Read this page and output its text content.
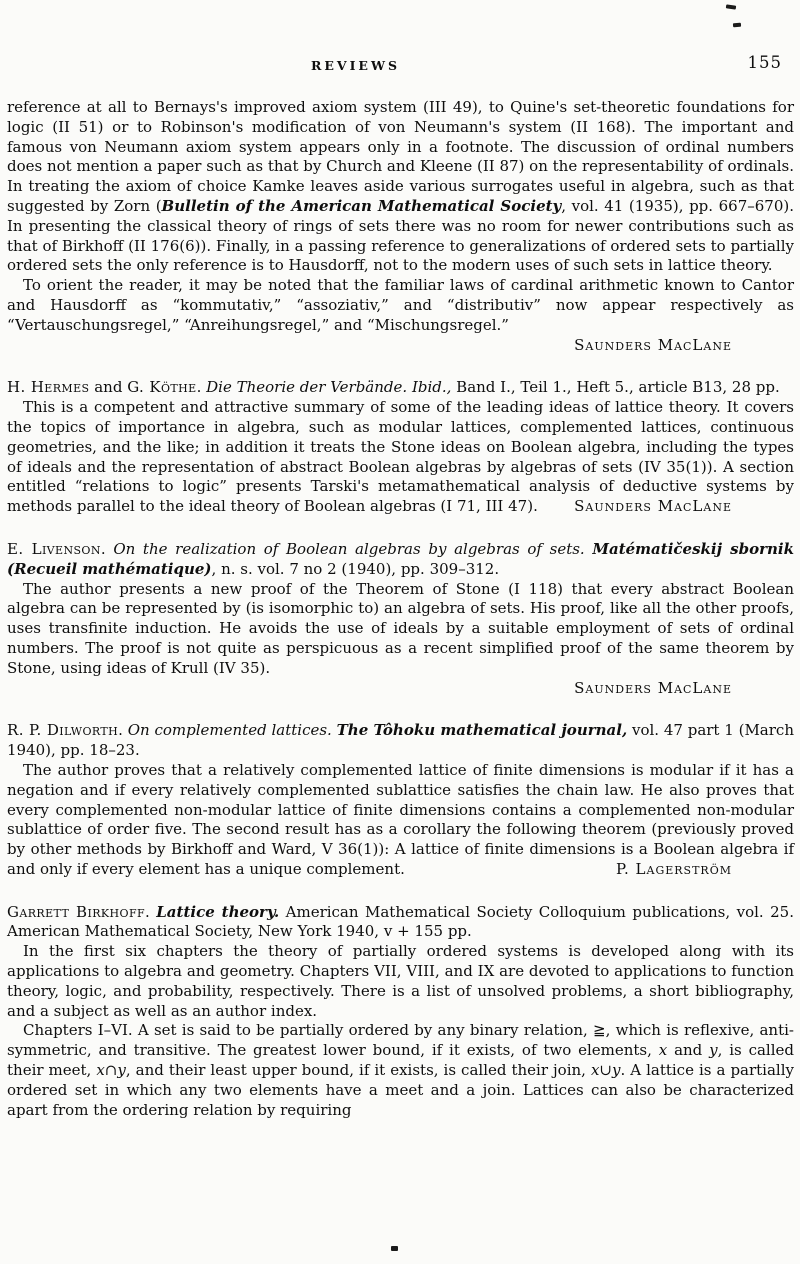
REVIEWS	155

reference at all to Bernays's improved axiom system (III 49), to Quine's set-theoretic foundations for logic (II 51) or to Robinson's modification of von Neumann's system (II 168). The important and famous von Neumann axiom system appears only in a footnote. The discussion of ordinal numbers does not mention a paper such as that by Church and Kleene (II 87) on the representability of ordinals. In treating the axiom of choice Kamke leaves aside various surrogates useful in algebra, such as that suggested by Zorn (Bulletin of the American Mathematical Society, vol. 41 (1935), pp. 667–670). In presenting the classical theory of rings of sets there was no room for newer contributions such as that of Birkhoff (II 176(6)). Finally, in a passing reference to generalizations of ordered sets to partially ordered sets the only reference is to Hausdorff, not to the modern uses of such sets in lattice theory.

To orient the reader, it may be noted that the familiar laws of cardinal arithmetic known to Cantor and Hausdorff as “kommutativ,” “assoziativ,” and “distributiv” now appear respectively as “Vertauschungsregel,” “Anreihungsregel,” and “Mischungsregel.”

Saunders MacLane

H. Hermes and G. Köthe. Die Theorie der Verbände. Ibid., Band I., Teil 1., Heft 5., article B13, 28 pp.

This is a competent and attractive summary of some of the leading ideas of lattice theory. It covers the topics of importance in algebra, such as modular lattices, complemented lattices, continuous geometries, and the like; in addition it treats the Stone ideas on Boolean algebra, including the types of ideals and the representation of abstract Boolean algebras by algebras of sets (IV 35(1)). A section entitled “relations to logic” presents Tarski's metamathematical analysis of deductive systems by methods parallel to the ideal theory of Boolean algebras (I 71, III 47).	Saunders MacLane

E. Livenson. On the realization of Boolean algebras by algebras of sets. Matématičeskij sbornik (Recueil mathématique), n. s. vol. 7 no 2 (1940), pp. 309–312.

The author presents a new proof of the Theorem of Stone (I 118) that every abstract Boolean algebra can be represented by (is isomorphic to) an algebra of sets. His proof, like all the other proofs, uses transfinite induction. He avoids the use of ideals by a suitable employment of sets of ordinal numbers. The proof is not quite as perspicuous as a recent simplified proof of the same theorem by Stone, using ideas of Krull (IV 35).

Saunders MacLane

R. P. Dilworth. On complemented lattices. The Tôhoku mathematical journal, vol. 47 part 1 (March 1940), pp. 18–23.

The author proves that a relatively complemented lattice of finite dimensions is modular if it has a negation and if every relatively complemented sublattice satisfies the chain law. He also proves that every complemented non-modular lattice of finite dimensions contains a complemented non-modular sublattice of order five. The second result has as a corollary the following theorem (previously proved by other methods by Birkhoff and Ward, V 36(1)): A lattice of finite dimensions is a Boolean algebra if and only if every element has a unique complement.	P. Lagerström

Garrett Birkhoff. Lattice theory. American Mathematical Society Colloquium publications, vol. 25. American Mathematical Society, New York 1940, v + 155 pp.

In the first six chapters the theory of partially ordered systems is developed along with its applications to algebra and geometry. Chapters VII, VIII, and IX are devoted to applications to function theory, logic, and probability, respectively. There is a list of unsolved problems, a short bibliography, and a subject as well as an author index.

Chapters I–VI. A set is said to be partially ordered by any binary relation, ≧, which is reflexive, anti-symmetric, and transitive. The greatest lower bound, if it exists, of two elements, x and y, is called their meet, x∩y, and their least upper bound, if it exists, is called their join, x∪y. A lattice is a partially ordered set in which any two elements have a meet and a join. Lattices can also be characterized apart from the ordering relation by requiring
